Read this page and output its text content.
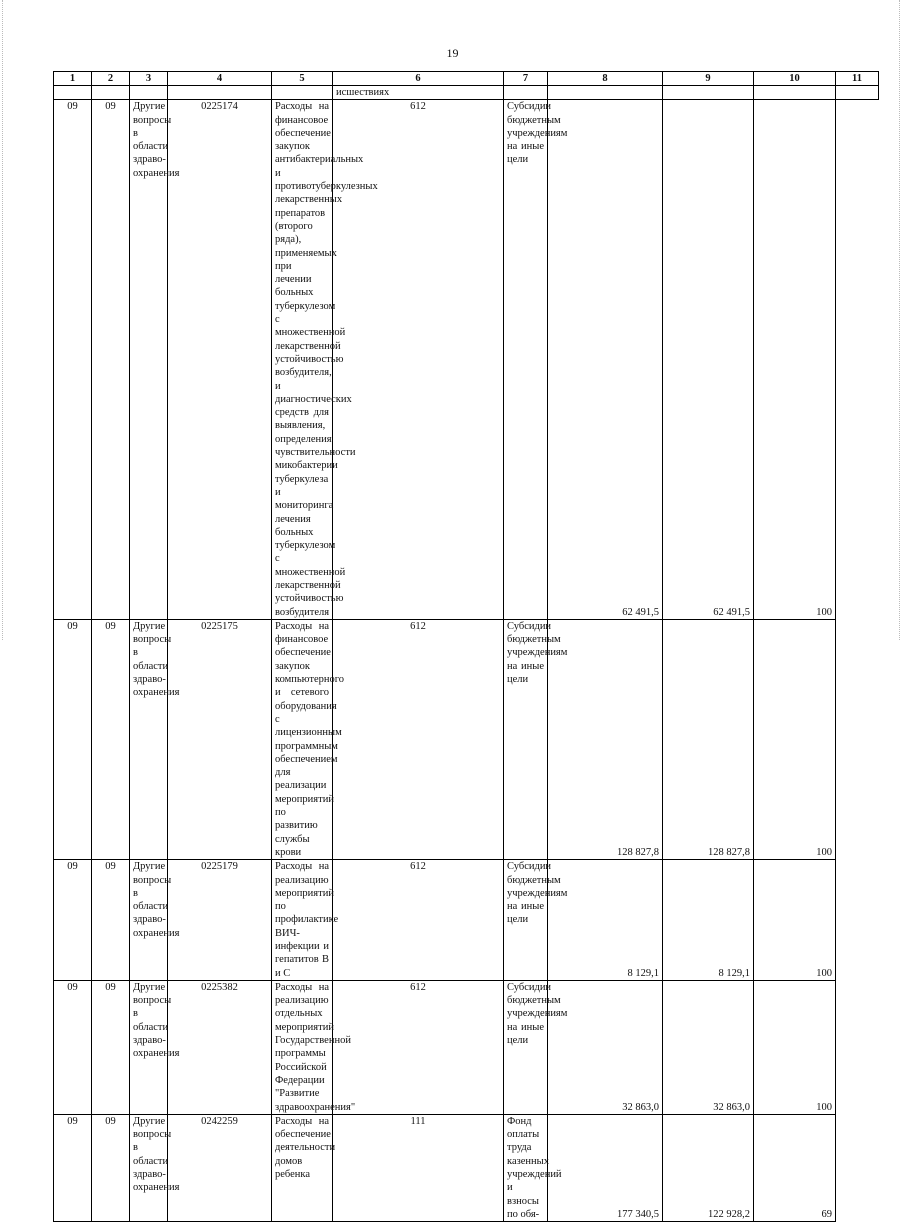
19
1	2	3	4	5	6	7	8	9	10	11
					исшествиях					
09	09	Другие вопросы в области здраво-охранения	0225174	Расходы на финансовое обеспечение закупок антибактериальных и противотуберкулезных лекарственных препаратов (второго ряда), применяемых при лечении больных туберкулезом с множественной лекарственной устойчивостью возбудителя, и диагностических средств для выявления, определения чувствительности микобактерии туберкулеза и мониторинга лечения больных туберкулезом с множественной лекарственной устойчивостью возбудителя	612	Субсидии бюджетным учреждениям на иные цели	62 491,5	62 491,5	100	
09	09	Другие вопросы в области здраво-охранения	0225175	Расходы на финансовое обеспечение закупок компьютерного и сетевого оборудования с лицензионным программным обеспечением для реализации мероприятий по развитию службы крови	612	Субсидии бюджетным учреждениям на иные цели	128 827,8	128 827,8	100	
09	09	Другие вопросы в области здраво-охранения	0225179	Расходы на реализацию мероприятий по профилактике ВИЧ-инфекции и гепатитов В и С	612	Субсидии бюджетным учреждениям на иные цели	8 129,1	8 129,1	100	
09	09	Другие вопросы в области здраво-охранения	0225382	Расходы на реализацию отдельных мероприятий Государственной программы Российской Федерации "Развитие здравоохранения"	612	Субсидии бюджетным учреждениям на иные цели	32 863,0	32 863,0	100	
09	09	Другие вопросы в области здраво-охранения	0242259	Расходы на обеспечение деятельности домов ребенка	111	Фонд оплаты труда казенных учреждений и взносы по обя-	177 340,5	122 928,2	69	
